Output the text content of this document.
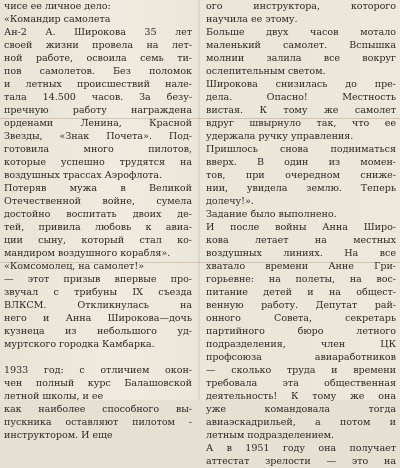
чисе ее личное дело:
«Командир самолета
Ан-2 А. Широкова 35 лет
своей жизни провела на лет-
ной работе, освоила семь ти-
пов самолетов. Без поломок
и летных происшествий нале-
тала 14.500 часов. За безу-
пречную работу награждена
орденами Ленина, Красной
Звезды, «Знак Почета». Под-
готовила много пилотов,
которые успешно трудятся на
воздушных трассах Аэрофлота.
Потеряв мужа в Великой
Отечественной войне, сумела
достойно воспитать двоих де-
тей, привила любовь к авиа-
ции сыну, который стал ко-
мандиром воздушного корабля».
«Комсомолец, на самолет!»
— этот призыв впервые про-
звучал с трибуны IX съезда
ВЛКСМ. Откликнулась на
него и Анна Широкова—дочь
кузнеца из небольшого уд-
муртского городка Камбарка.
1933 год: с отличием окон-
чен полный курс Балашовской
летной школы, и ее
как наиболее способного вы-
пускника оставляют пилотом -
инструктором. И еще
ого инструктора, которого
научила ее этому.
Больше двух часов мотало
маленький самолет. Вспышка
молнии залила все вокруг
ослепительным светом.
Широкова снизилась до пре-
дела. Опасно! Местность
вистая. К тому же самолет
вдруг швырнуло так, что ее
удержала ручку управления.
Пришлось снова подниматься
вверх. В один из момен-
тов, при очередном сниже-
нии, увидела землю. Теперь
долечу!».
Задание было выполнено.
И после войны Анна Широ-
кова летает на местных
воздушных линиях. На все
хватало времени Анне Гри-
горьевне: на полеты, на вос-
питание детей и на общест-
венную работу. Депутат рай-
онного Совета, секретарь
партийного бюро летного
подразделения, член ЦК
профсоюза авиаработников
— сколько труда и времени
требовала эта общественная
деятельность! К тому же она
уже командовала тогда
авиаэскадрильей, а потом и
летным подразделением.
А в 1951 году она получает
аттестат зрелости — это на
